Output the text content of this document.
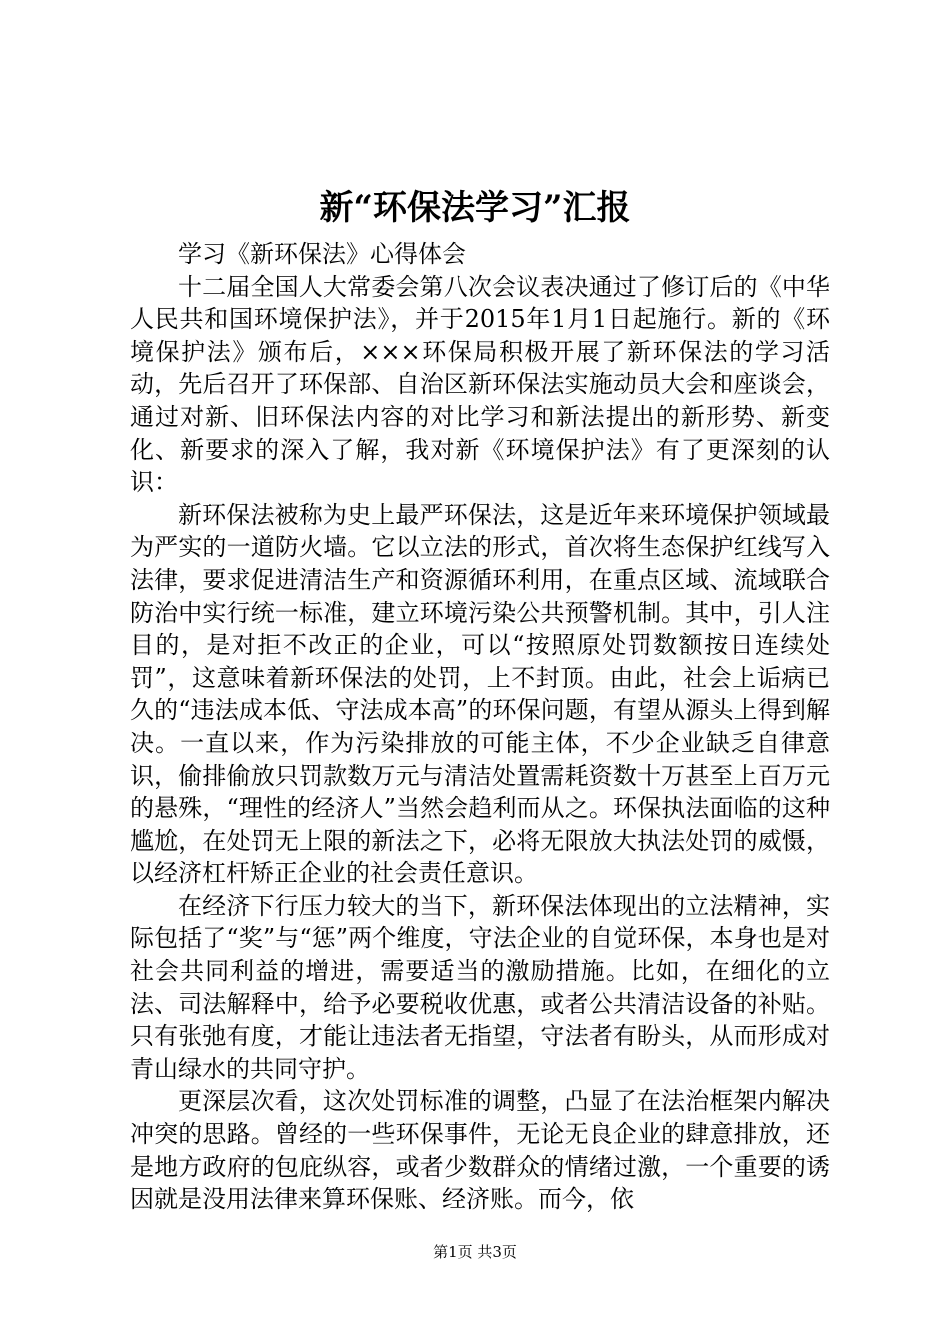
新“环保法学习”汇报

学习《新环保法》心得体会

十二届全国人大常委会第八次会议表决通过了修订后的《中华人民共和国环境保护法》，并于2015年1月1日起施行。新的《环境保护法》颁布后，×××环保局积极开展了新环保法的学习活动，先后召开了环保部、自治区新环保法实施动员大会和座谈会，通过对新、旧环保法内容的对比学习和新法提出的新形势、新变化、新要求的深入了解，我对新《环境保护法》有了更深刻的认识：

新环保法被称为史上最严环保法，这是近年来环境保护领域最为严实的一道防火墙。它以立法的形式，首次将生态保护红线写入法律，要求促进清洁生产和资源循环利用，在重点区域、流域联合防治中实行统一标准，建立环境污染公共预警机制。其中，引人注目的，是对拒不改正的企业，可以“按照原处罚数额按日连续处罚”，这意味着新环保法的处罚，上不封顶。由此，社会上诟病已久的“违法成本低、守法成本高”的环保问题，有望从源头上得到解决。一直以来，作为污染排放的可能主体，不少企业缺乏自律意识，偷排偷放只罚款数万元与清洁处置需耗资数十万甚至上百万元的悬殊，“理性的经济人”当然会趋利而从之。环保执法面临的这种尴尬，在处罚无上限的新法之下，必将无限放大执法处罚的威慑，以经济杠杆矫正企业的社会责任意识。

在经济下行压力较大的当下，新环保法体现出的立法精神，实际包括了“奖”与“惩”两个维度，守法企业的自觉环保，本身也是对社会共同利益的增进，需要适当的激励措施。比如，在细化的立法、司法解释中，给予必要税收优惠，或者公共清洁设备的补贴。只有张弛有度，才能让违法者无指望，守法者有盼头，从而形成对青山绿水的共同守护。

更深层次看，这次处罚标准的调整，凸显了在法治框架内解决冲突的思路。曾经的一些环保事件，无论无良企业的肆意排放，还是地方政府的包庇纵容，或者少数群众的情绪过激，一个重要的诱因就是没用法律来算环保账、经济账。而今，依

第1页 共3页
